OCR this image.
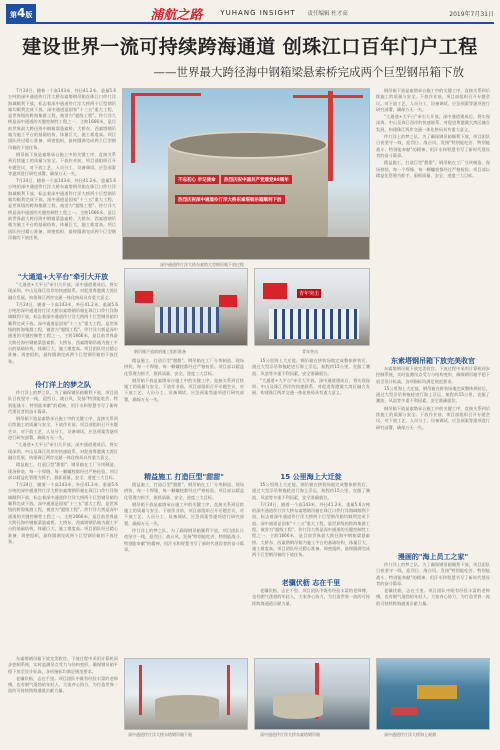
第4版	浦航之路	YUHANG INSIGHT 责任编辑 杜才高	2019年7月31日
建设世界一流可持续跨海通道 创珠江口百年门户工程
——世界最大跨径海中钢箱梁悬索桥完成两个巨型钢吊箱下放

7月24日，随着一个高143米、外径41.2米、重量5.6万吨的深中通道伶仃洋大桥东索塔钢吊箱在珠江口伶仃洋海域顺利下放，标志着深中通道伶仃洋大桥两个巨型钢吊箱均顺利完成下放。深中通道是国家"十三五"重大工程，是世界级的跨海集群工程，被誉为"超级工程"。伶仃洋大桥是深中通道的关键控制性工程之一，主跨1666米，是目前世界最大跨径海中钢箱梁悬索桥。大桥东、西索塔钢吊箱为施工平台的基础结构，体量巨大，施工难度高。项目团队经过精心准备、周密组织，最终圆满完成两个巨型钢吊箱的下放任务。

钢吊箱下放是索塔承台施工中的关键工序，直接关系到后续施工的质量与安全。下放作业前，项目部组织召开专题会议，对下放工艺、人员分工、设备调试、应急预案等逐项进行研究部署，确保万无一失。

7月24日，随着一个高143米、外径41.2米、重量5.6万吨的深中通道伶仃洋大桥东索塔钢吊箱在珠江口伶仃洋海域顺利下放，标志着深中通道伶仃洋大桥两个巨型钢吊箱均顺利完成下放。深中通道是国家"十三五"重大工程，是世界级的跨海集群工程，被誉为"超级工程"。伶仃洋大桥是深中通道的关键控制性工程之一，主跨1666米，是目前世界最大跨径海中钢箱梁悬索桥。大桥东、西索塔钢吊箱为施工平台的基础结构，体量巨大，施工难度高。项目团队经过精心准备、周密组织，最终圆满完成两个巨型钢吊箱的下放任务。

不忘初心 牢记使命	热烈庆祝中国共产党建党98周年
热烈庆祝深中通道伶仃洋大桥东索塔钢吊箱顺利下放
深中通道伶仃洋大桥东索塔大型钢吊箱下放过程

钢吊箱下放是索塔承台施工中的关键工序，直接关系到后续施工的质量与安全。下放作业前，项目部组织召开专题会议，对下放工艺、人员分工、设备调试、应急预案等逐项进行研究部署，确保万无一失。

"大通道+大平台"牵引大开放。深中通道建成后，将实现深圳、中山及珠江西岸的快速联系，对促进粤港澳大湾区融合发展、构建珠江两岸交通一体化格局具有重大意义。

伶仃洋上的梦之队。为了确保钢吊箱顺利下放，项目团队日夜坚守一线，迎烈日、战台风，发扬"特别能吃苦、特别能战斗、特别能奉献"的精神，用汗水和智慧书写了新时代建设者的奋斗篇章。

精益施工，打造巨型"甜甜"。钢吊箱在工厂分块制造、现场拼装，每一个焊缝、每一颗螺栓都经过严格检验。项目部以精益化管理为抓手，狠抓质量、安全、进度三大目标。

"大通道+大平台"牵引大开放

"大通道+大平台"牵引大开放。深中通道建成后，将实现深圳、中山及珠江西岸的快速联系，对促进粤港澳大湾区融合发展、构建珠江两岸交通一体化格局具有重大意义。

7月24日，随着一个高143米、外径41.2米、重量5.6万吨的深中通道伶仃洋大桥东索塔钢吊箱在珠江口伶仃洋海域顺利下放，标志着深中通道伶仃洋大桥两个巨型钢吊箱均顺利完成下放。深中通道是国家"十三五"重大工程，是世界级的跨海集群工程，被誉为"超级工程"。伶仃洋大桥是深中通道的关键控制性工程之一，主跨1666米，是目前世界最大跨径海中钢箱梁悬索桥。大桥东、西索塔钢吊箱为施工平台的基础结构，体量巨大，施工难度高。项目团队经过精心准备、周密组织，最终圆满完成两个巨型钢吊箱的下放任务。

伶仃洋上的梦之队

伶仃洋上的梦之队。为了确保钢吊箱顺利下放，项目团队日夜坚守一线，迎烈日、战台风，发扬"特别能吃苦、特别能战斗、特别能奉献"的精神，用汗水和智慧书写了新时代建设者的奋斗篇章。

钢吊箱下放是索塔承台施工中的关键工序，直接关系到后续施工的质量与安全。下放作业前，项目部组织召开专题会议，对下放工艺、人员分工、设备调试、应急预案等逐项进行研究部署，确保万无一失。

"大通道+大平台"牵引大开放。深中通道建成后，将实现深圳、中山及珠江西岸的快速联系，对促进粤港澳大湾区融合发展、构建珠江两岸交通一体化格局具有重大意义。

精益施工，打造巨型"甜甜"。钢吊箱在工厂分块制造、现场拼装，每一个焊缝、每一颗螺栓都经过严格检验。项目部以精益化管理为抓手，狠抓质量、安全、进度三大目标。

7月24日，随着一个高143米、外径41.2米、重量5.6万吨的深中通道伶仃洋大桥东索塔钢吊箱在珠江口伶仃洋海域顺利下放，标志着深中通道伶仃洋大桥两个巨型钢吊箱均顺利完成下放。深中通道是国家"十三五"重大工程，是世界级的跨海集群工程，被誉为"超级工程"。伶仃洋大桥是深中通道的关键控制性工程之一，主跨1666米，是目前世界最大跨径海中钢箱梁悬索桥。大桥东、西索塔钢吊箱为施工平台的基础结构，体量巨大，施工难度高。项目团队经过精心准备、周密组织，最终圆满完成两个巨型钢吊箱的下放任务。

钢吊箱下放前的施工组织准备
青年突击
青年突击

精益施工，打造巨型"甜甜"。钢吊箱在工厂分块制造、现场拼装，每一个焊缝、每一颗螺栓都经过严格检验。项目部以精益化管理为抓手，狠抓质量、安全、进度三大目标。

钢吊箱下放是索塔承台施工中的关键工序，直接关系到后续施工的质量与安全。下放作业前，项目部组织召开专题会议，对下放工艺、人员分工、设备调试、应急预案等逐项进行研究部署，确保万无一失。

15公里海上大迁徙。钢吊箱在拼装场地完成整体拼装后，通过大型浮吊和拖轮进行海上浮运，航程约15公里，克服了潮流、风浪等多重不利因素，安全准确就位。

"大通道+大平台"牵引大开放。深中通道建成后，将实现深圳、中山及珠江西岸的快速联系，对促进粤港澳大湾区融合发展、构建珠江两岸交通一体化格局具有重大意义。

精益施工 打造巨型"甜甜"

精益施工，打造巨型"甜甜"。钢吊箱在工厂分块制造、现场拼装，每一个焊缝、每一颗螺栓都经过严格检验。项目部以精益化管理为抓手，狠抓质量、安全、进度三大目标。

钢吊箱下放是索塔承台施工中的关键工序，直接关系到后续施工的质量与安全。下放作业前，项目部组织召开专题会议，对下放工艺、人员分工、设备调试、应急预案等逐项进行研究部署，确保万无一失。

伶仃洋上的梦之队。为了确保钢吊箱顺利下放，项目团队日夜坚守一线，迎烈日、战台风，发扬"特别能吃苦、特别能战斗、特别能奉献"的精神，用汗水和智慧书写了新时代建设者的奋斗篇章。

15 公里海上大迁徙

15公里海上大迁徙。钢吊箱在拼装场地完成整体拼装后，通过大型浮吊和拖轮进行海上浮运，航程约15公里，克服了潮流、风浪等多重不利因素，安全准确就位。

7月24日，随着一个高143米、外径41.2米、重量5.6万吨的深中通道伶仃洋大桥东索塔钢吊箱在珠江口伶仃洋海域顺利下放，标志着深中通道伶仃洋大桥两个巨型钢吊箱均顺利完成下放。深中通道是国家"十三五"重大工程，是世界级的跨海集群工程，被誉为"超级工程"。伶仃洋大桥是深中通道的关键控制性工程之一，主跨1666米，是目前世界最大跨径海中钢箱梁悬索桥。大桥东、西索塔钢吊箱为施工平台的基础结构，体量巨大，施工难度高。项目团队经过精心准备、周密组织，最终圆满完成两个巨型钢吊箱的下放任务。

老骥伏枥 志在千里

老骥伏枥，志在千里。项目团队中既有经验丰富的老师傅，也有朝气蓬勃的年轻人，大家齐心协力，为打造世界一流的可持续跨海通道贡献力量。

东索塔钢吊箱下放完美收官

东索塔钢吊箱下放完美收官。下放过程中采用计算机同步控制系统，实时监测吊点受力与结构变形，确保钢吊箱平稳下放至设计标高，各项指标均满足规范要求。

15公里海上大迁徙。钢吊箱在拼装场地完成整体拼装后，通过大型浮吊和拖轮进行海上浮运，航程约15公里，克服了潮流、风浪等多重不利因素，安全准确就位。

钢吊箱下放是索塔承台施工中的关键工序，直接关系到后续施工的质量与安全。下放作业前，项目部组织召开专题会议，对下放工艺、人员分工、设备调试、应急预案等逐项进行研究部署，确保万无一失。

漫画的"海上员工之家"

伶仃洋上的梦之队。为了确保钢吊箱顺利下放，项目团队日夜坚守一线，迎烈日、战台风，发扬"特别能吃苦、特别能战斗、特别能奉献"的精神，用汗水和智慧书写了新时代建设者的奋斗篇章。

老骥伏枥，志在千里。项目团队中既有经验丰富的老师傅，也有朝气蓬勃的年轻人，大家齐心协力，为打造世界一流的可持续跨海通道贡献力量。

深中通道伶仃洋大桥东塔钢吊箱下放	深中通道伶仃洋大桥东索塔钢吊箱	深中通道伶仃洋大桥海上观测

东索塔钢吊箱下放完美收官。下放过程中采用计算机同步控制系统，实时监测吊点受力与结构变形，确保钢吊箱平稳下放至设计标高，各项指标均满足规范要求。

老骥伏枥，志在千里。项目团队中既有经验丰富的老师傅，也有朝气蓬勃的年轻人，大家齐心协力，为打造世界一流的可持续跨海通道贡献力量。
